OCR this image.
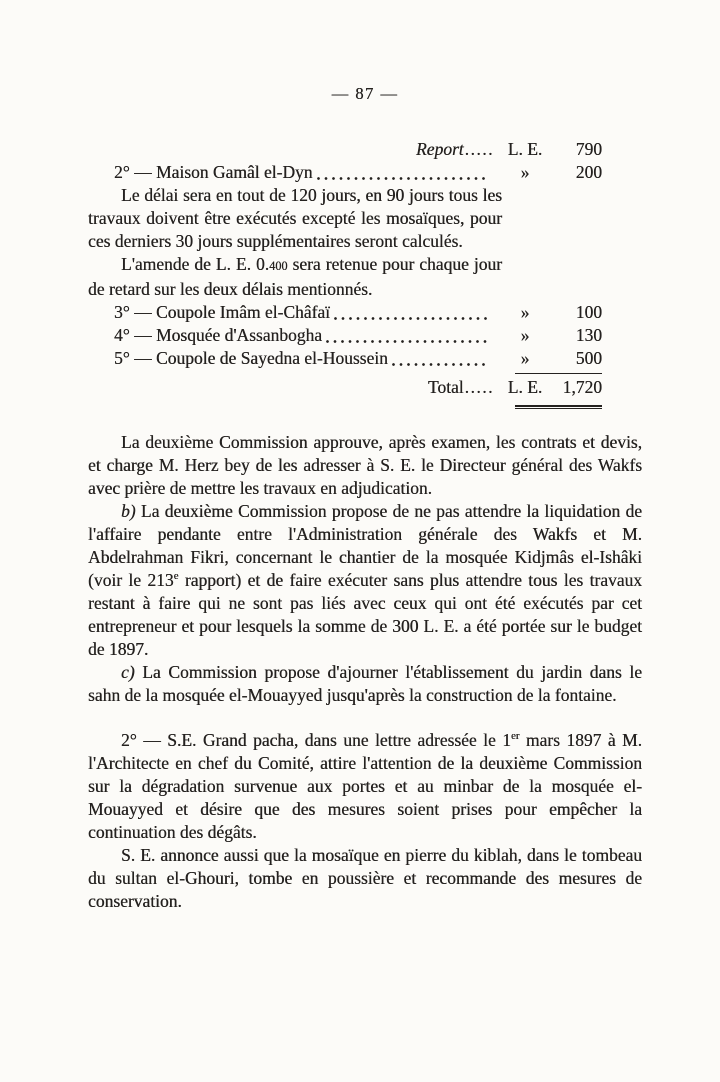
— 87 —
Report..... L. E.	790
2° — Maison Gamâl el-Dyn	»	200

Le délai sera en tout de 120 jours, en 90 jours tous les travaux doivent être exécutés excepté les mosaïques, pour ces derniers 30 jours supplémentaires seront calculés.

L'amende de L. E. 0.400 sera retenue pour chaque jour de retard sur les deux délais mentionnés.

3° — Coupole Imâm el-Châfaï	»	100
4° — Mosquée d'Assanbogha	»	130
5° — Coupole de Sayedna el-Houssein	»	500
Total..... L. E.	1,720

La deuxième Commission approuve, après examen, les contrats et devis, et charge M. Herz bey de les adresser à S. E. le Directeur général des Wakfs avec prière de mettre les travaux en adjudication.

b) La deuxième Commission propose de ne pas attendre la liquidation de l'affaire pendante entre l'Administration générale des Wakfs et M. Abdelrahman Fikri, concernant le chantier de la mosquée Kidjmâs el-Ishâki (voir le 213e rapport) et de faire exécuter sans plus attendre tous les travaux restant à faire qui ne sont pas liés avec ceux qui ont été exécutés par cet entrepreneur et pour lesquels la somme de 300 L. E. a été portée sur le budget de 1897.

c) La Commission propose d'ajourner l'établissement du jardin dans le sahn de la mosquée el-Mouayyed jusqu'après la construction de la fontaine.

2° — S.E. Grand pacha, dans une lettre adressée le 1er mars 1897 à M. l'Architecte en chef du Comité, attire l'attention de la deuxième Commission sur la dégradation survenue aux portes et au minbar de la mosquée el-Mouayyed et désire que des mesures soient prises pour empêcher la continuation des dégâts.

S. E. annonce aussi que la mosaïque en pierre du kiblah, dans le tombeau du sultan el-Ghouri, tombe en poussière et recommande des mesures de conservation.
